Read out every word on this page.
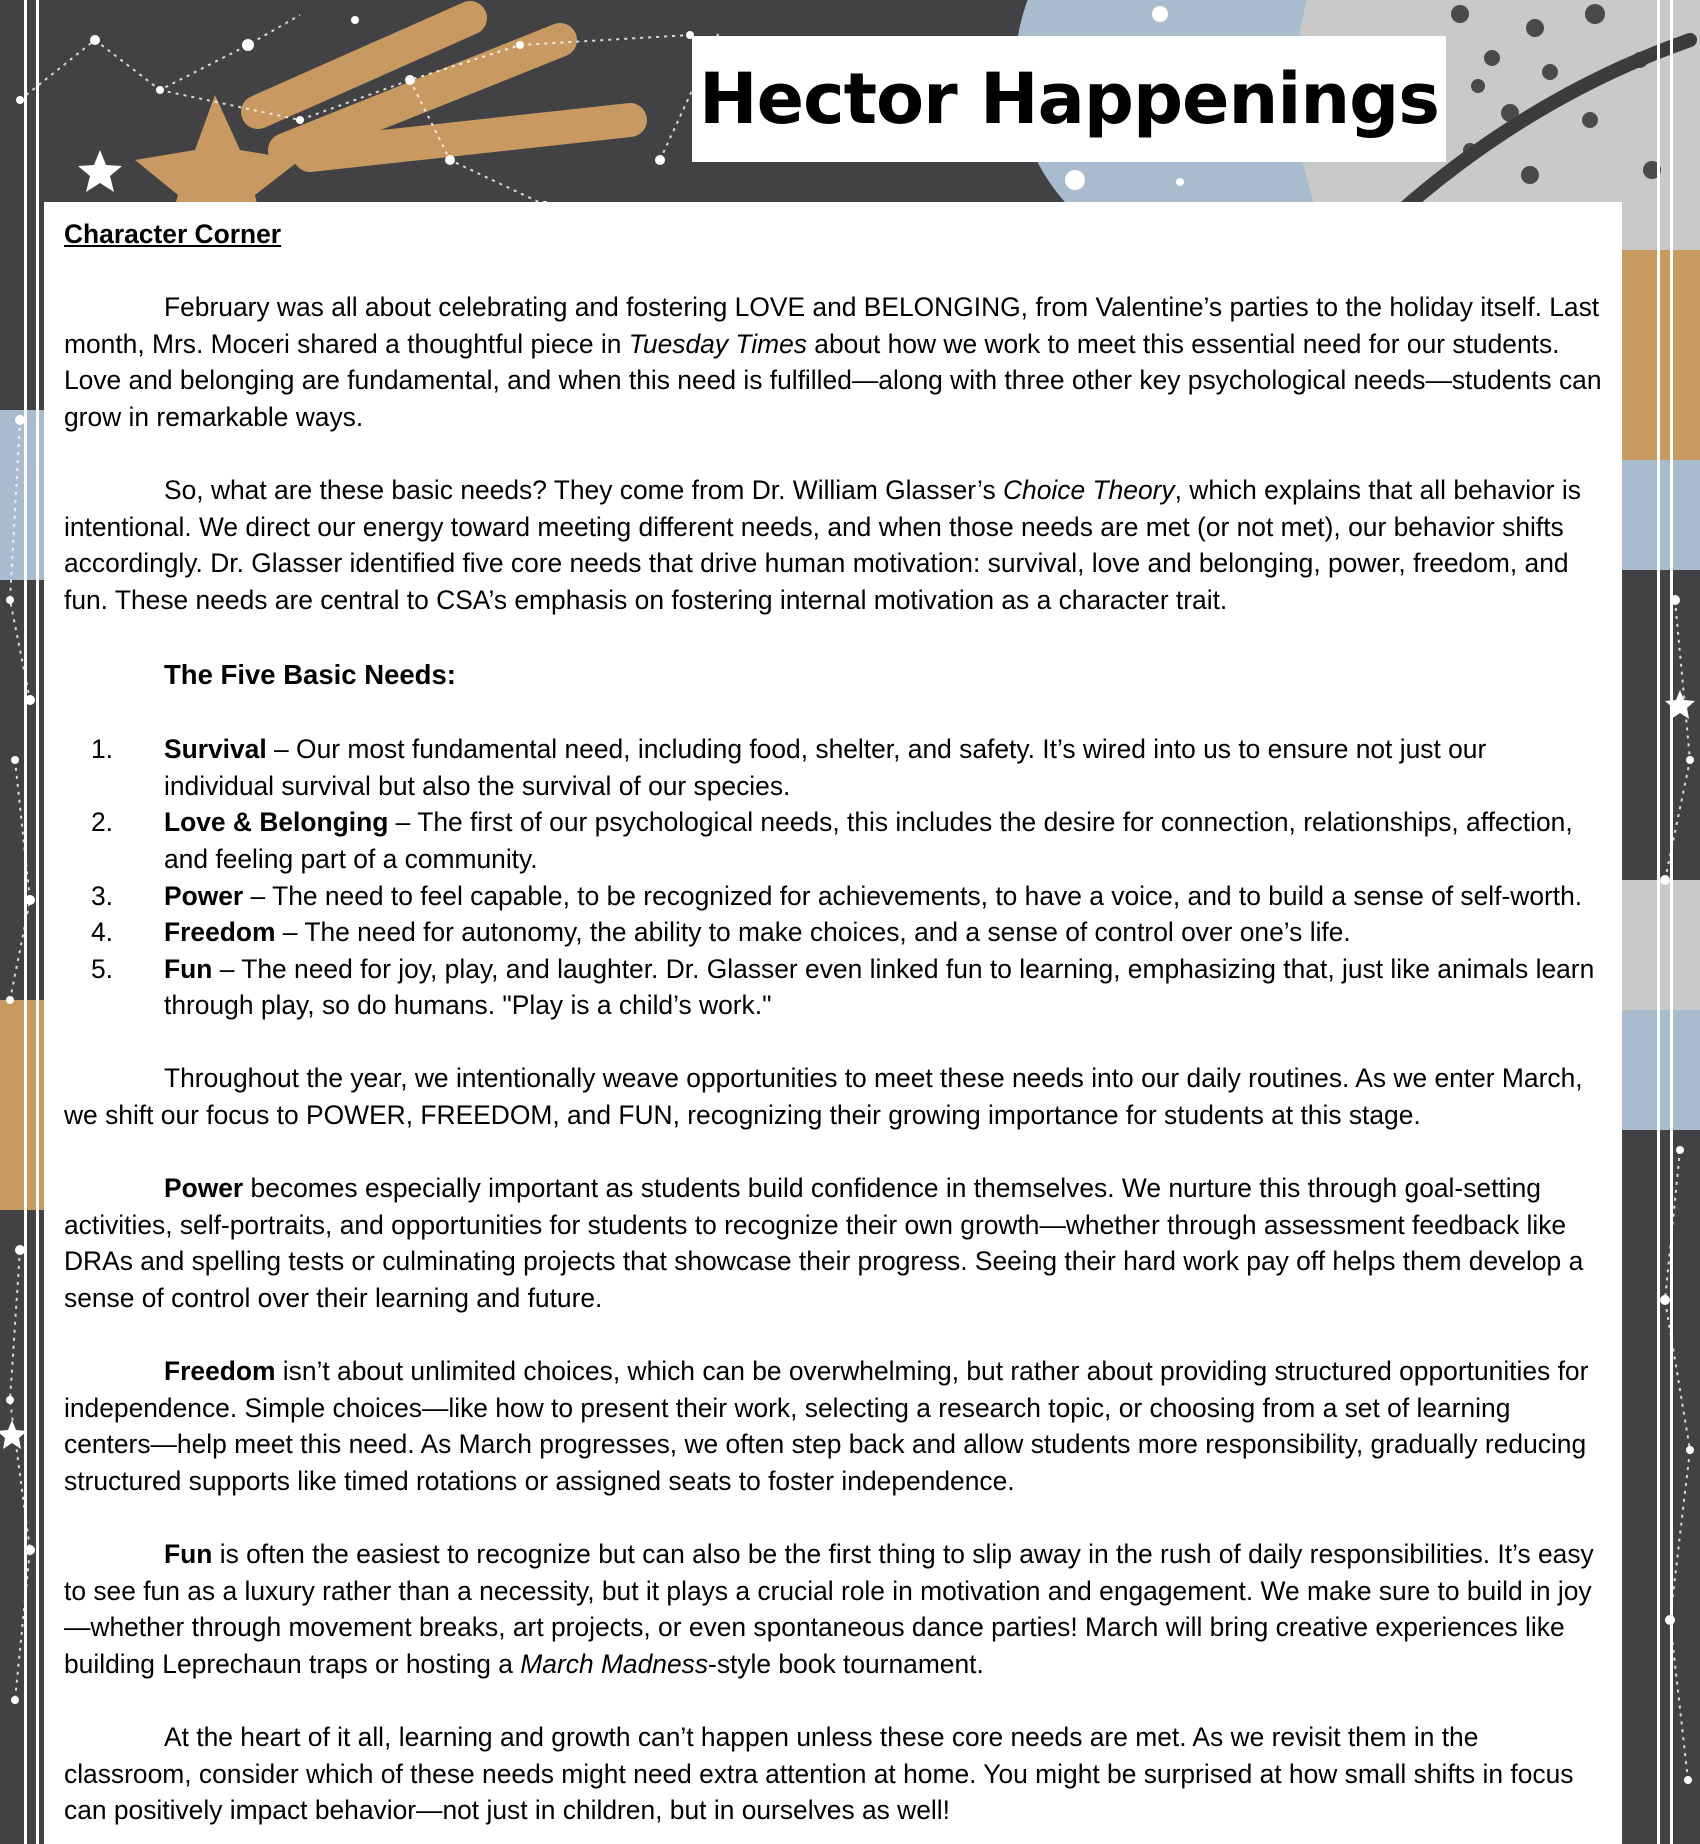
Hector Happenings

Character Corner

February was all about celebrating and fostering LOVE and BELONGING, from Valentine’s parties to the holiday itself. Last month, Mrs. Moceri shared a thoughtful piece in Tuesday Times about how we work to meet this essential need for our students. Love and belonging are fundamental, and when this need is fulfilled—along with three other key psychological needs—students can grow in remarkable ways.

So, what are these basic needs? They come from Dr. William Glasser’s Choice Theory, which explains that all behavior is intentional. We direct our energy toward meeting different needs, and when those needs are met (or not met), our behavior shifts accordingly. Dr. Glasser identified five core needs that drive human motivation: survival, love and belonging, power, freedom, and fun. These needs are central to CSA’s emphasis on fostering internal motivation as a character trait.

The Five Basic Needs:
1.	Survival – Our most fundamental need, including food, shelter, and safety. It’s wired into us to ensure not just our individual survival but also the survival of our species.
2.	Love & Belonging – The first of our psychological needs, this includes the desire for connection, relationships, affection, and feeling part of a community.
3.	Power – The need to feel capable, to be recognized for achievements, to have a voice, and to build a sense of self-worth.
4.	Freedom – The need for autonomy, the ability to make choices, and a sense of control over one’s life.
5.	Fun – The need for joy, play, and laughter. Dr. Glasser even linked fun to learning, emphasizing that, just like animals learn through play, so do humans. "Play is a child’s work."

Throughout the year, we intentionally weave opportunities to meet these needs into our daily routines. As we enter March, we shift our focus to POWER, FREEDOM, and FUN, recognizing their growing importance for students at this stage.

Power becomes especially important as students build confidence in themselves. We nurture this through goal-setting activities, self-portraits, and opportunities for students to recognize their own growth—whether through assessment feedback like DRAs and spelling tests or culminating projects that showcase their progress. Seeing their hard work pay off helps them develop a sense of control over their learning and future.

Freedom isn’t about unlimited choices, which can be overwhelming, but rather about providing structured opportunities for independence. Simple choices—like how to present their work, selecting a research topic, or choosing from a set of learning centers—help meet this need. As March progresses, we often step back and allow students more responsibility, gradually reducing structured supports like timed rotations or assigned seats to foster independence.

Fun is often the easiest to recognize but can also be the first thing to slip away in the rush of daily responsibilities. It’s easy to see fun as a luxury rather than a necessity, but it plays a crucial role in motivation and engagement. We make sure to build in joy—whether through movement breaks, art projects, or even spontaneous dance parties! March will bring creative experiences like building Leprechaun traps or hosting a March Madness-style book tournament.

At the heart of it all, learning and growth can’t happen unless these core needs are met. As we revisit them in the classroom, consider which of these needs might need extra attention at home. You might be surprised at how small shifts in focus can positively impact behavior—not just in children, but in ourselves as well!
